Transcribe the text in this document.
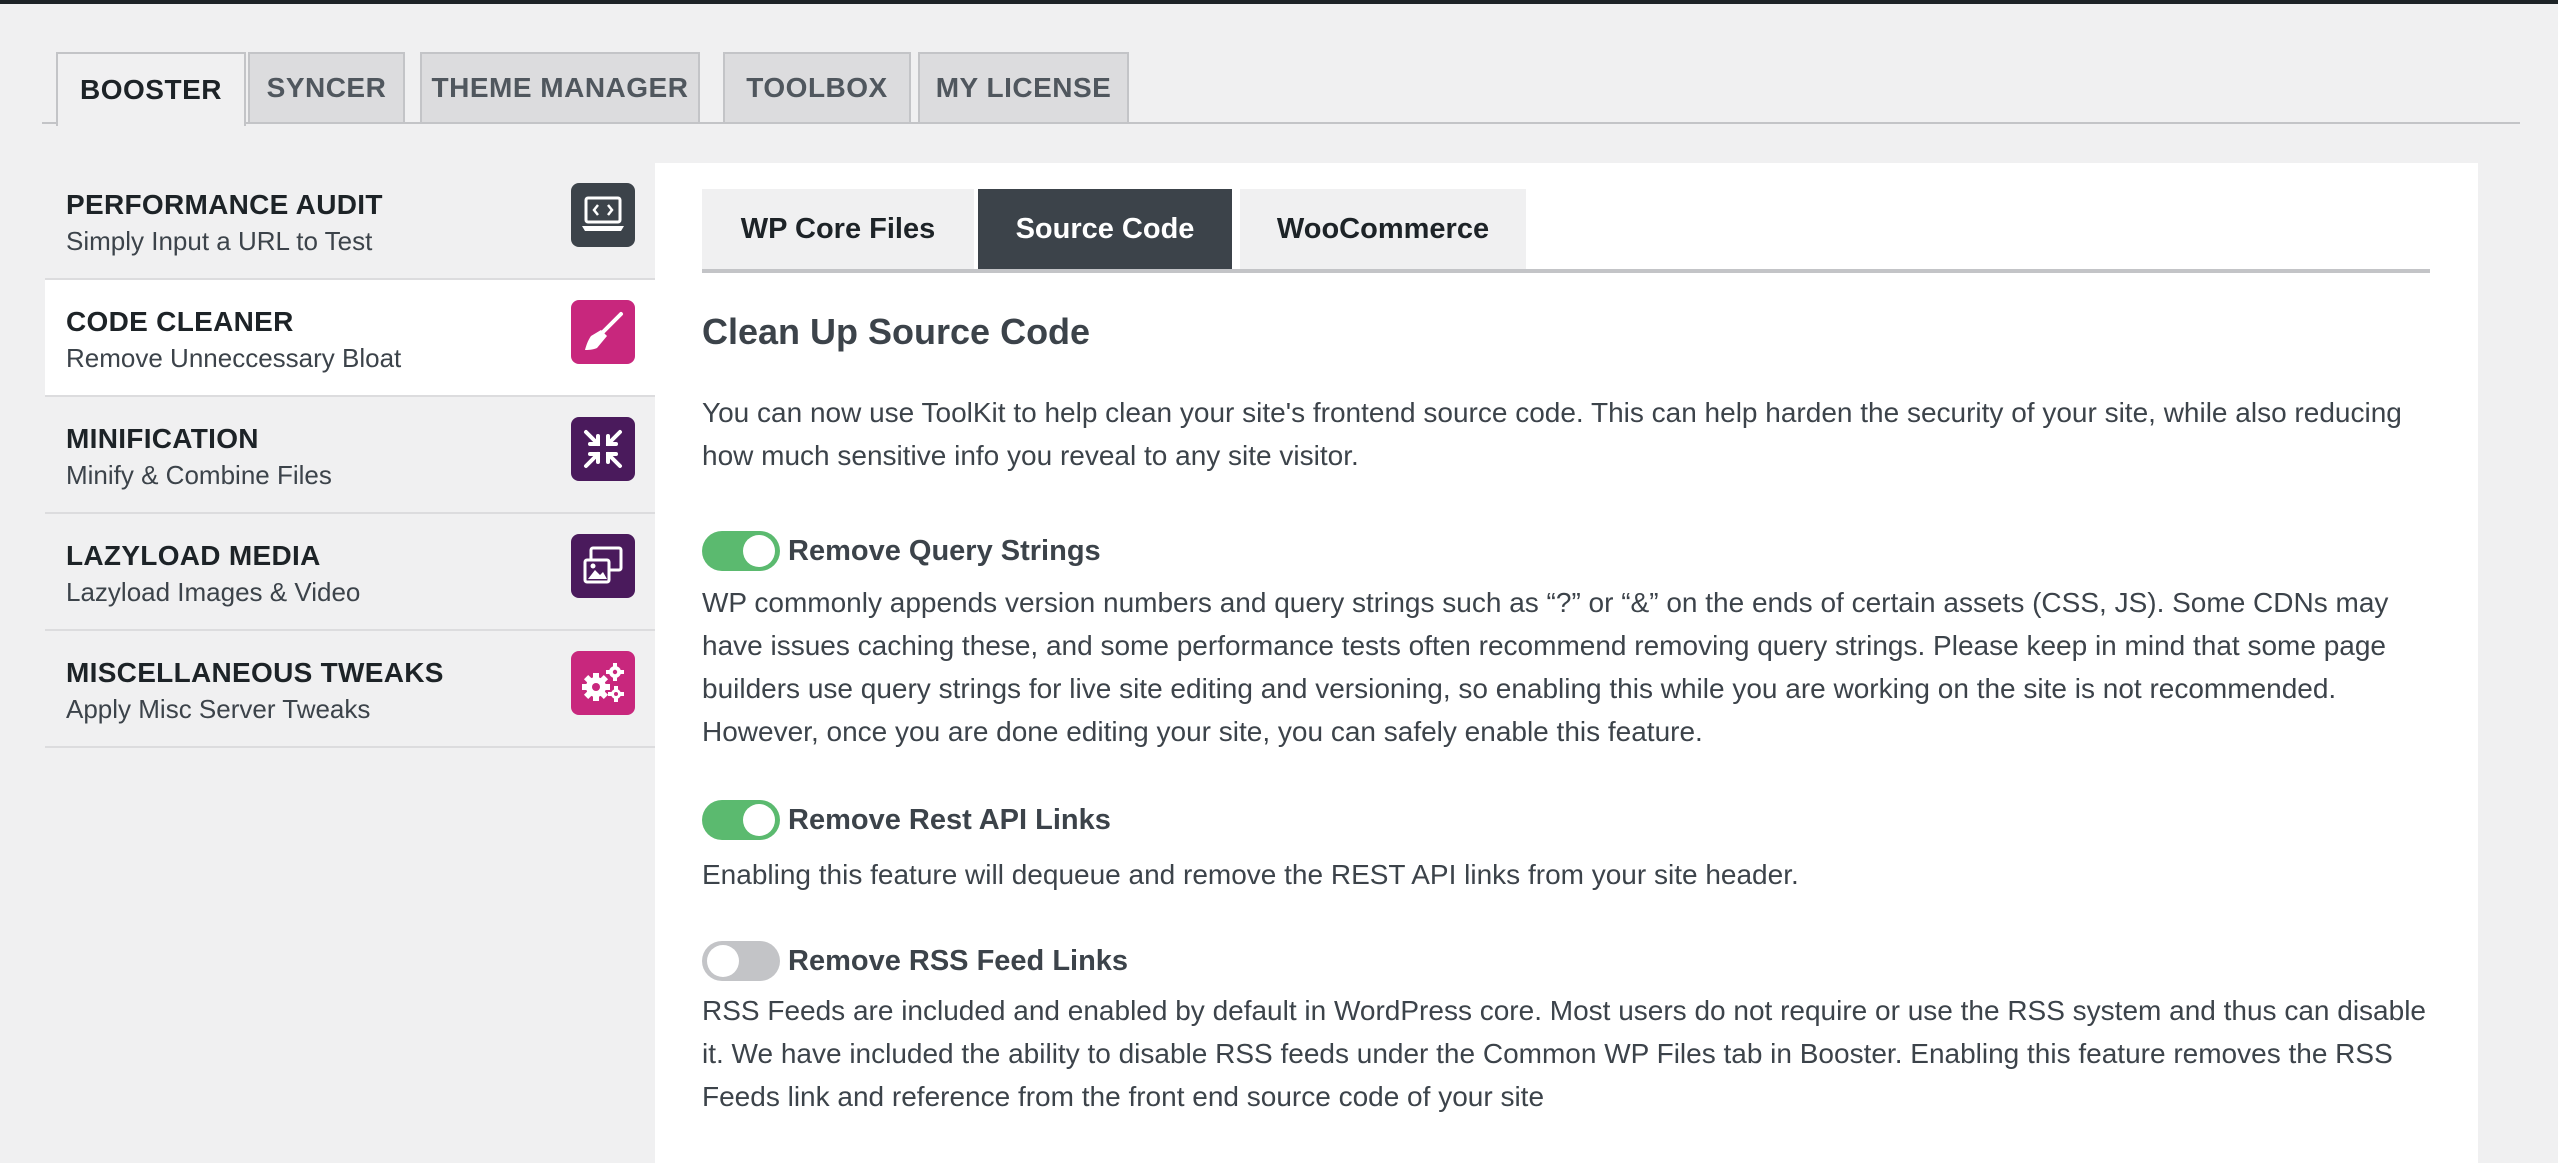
BOOSTER	SYNCER	THEME MANAGER	TOOLBOX	MY LICENSE
PERFORMANCE AUDIT
Simply Input a URL to Test
CODE CLEANER
Remove Unneccessary Bloat
MINIFICATION
Minify & Combine Files
LAZYLOAD MEDIA
Lazyload Images & Video
MISCELLANEOUS TWEAKS
Apply Misc Server Tweaks
WP Core Files	Source Code	WooCommerce
Clean Up Source Code

You can now use ToolKit to help clean your site's frontend source code. This can help harden the security of your site, while also reducing how much sensitive info you reveal to any site visitor.

Remove Query Strings

WP commonly appends version numbers and query strings such as “?” or “&” on the ends of certain assets (CSS, JS). Some CDNs may have issues caching these, and some performance tests often recommend removing query strings. Please keep in mind that some page builders use query strings for live site editing and versioning, so enabling this while you are working on the site is not recommended. However, once you are done editing your site, you can safely enable this feature.

Remove Rest API Links

Enabling this feature will dequeue and remove the REST API links from your site header.

Remove RSS Feed Links

RSS Feeds are included and enabled by default in WordPress core. Most users do not require or use the RSS system and thus can disable it. We have included the ability to disable RSS feeds under the Common WP Files tab in Booster. Enabling this feature removes the RSS Feeds link and reference from the front end source code of your site
